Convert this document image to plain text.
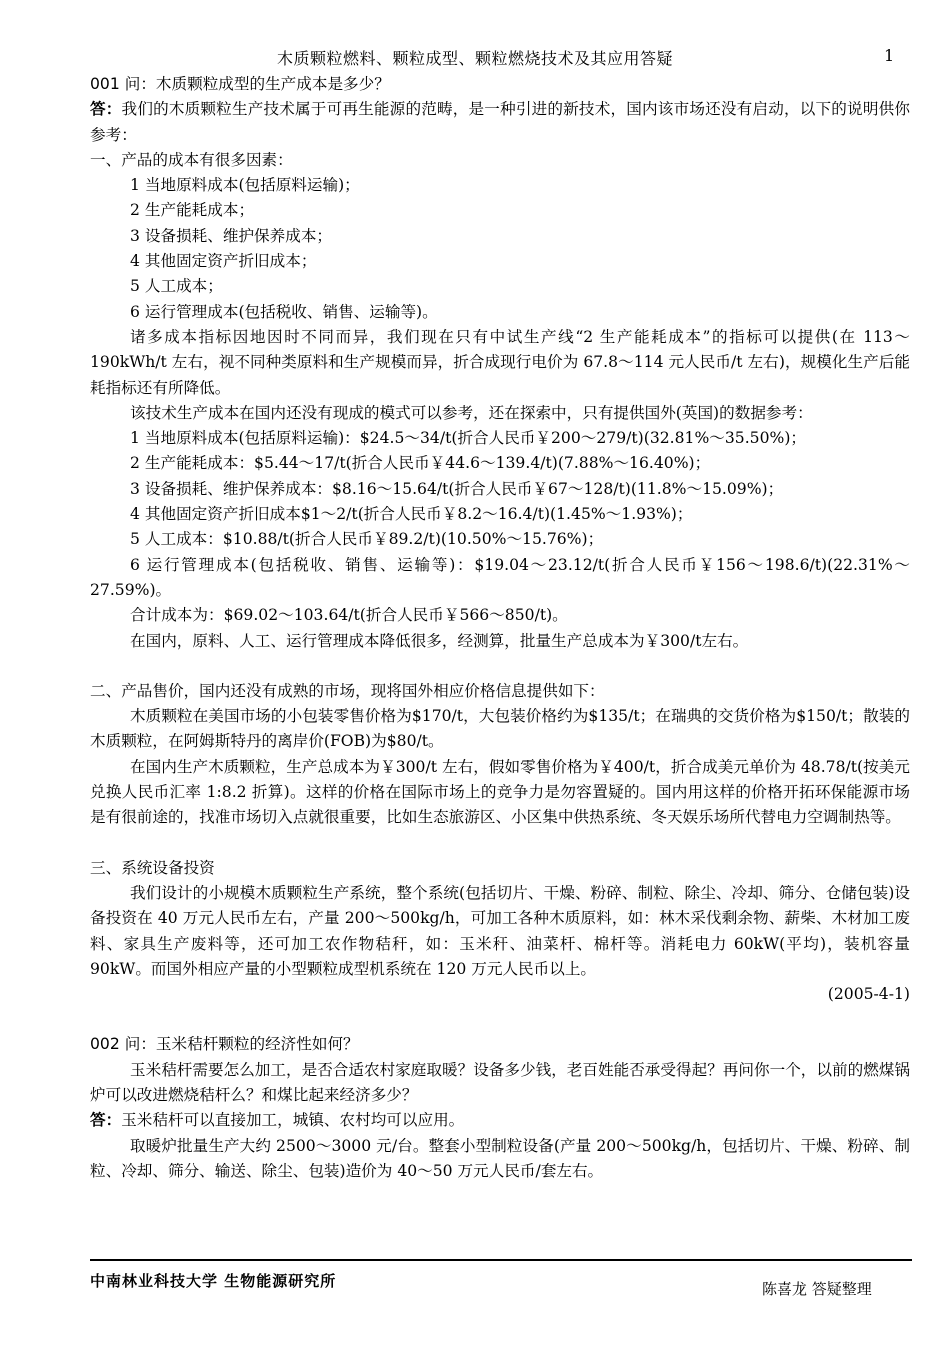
木质颗粒燃料、颗粒成型、颗粒燃烧技术及其应用答疑	1

001 问：木质颗粒成型的生产成本是多少？

答：我们的木质颗粒生产技术属于可再生能源的范畴，是一种引进的新技术，国内该市场还没有启动，以下的说明供你参考：

一、产品的成本有很多因素：

1 当地原料成本(包括原料运输)；

2 生产能耗成本；

3 设备损耗、维护保养成本；

4 其他固定资产折旧成本；

5 人工成本；

6 运行管理成本(包括税收、销售、运输等)。

诸多成本指标因地因时不同而异，我们现在只有中试生产线“2 生产能耗成本”的指标可以提供(在 113～190kWh/t 左右，视不同种类原料和生产规模而异，折合成现行电价为 67.8～114 元人民币/t 左右)，规模化生产后能耗指标还有所降低。

该技术生产成本在国内还没有现成的模式可以参考，还在探索中，只有提供国外(英国)的数据参考：

1 当地原料成本(包括原料运输)：$24.5～34/t(折合人民币￥200～279/t)(32.81%～35.50%)；

2 生产能耗成本：$5.44～17/t(折合人民币￥44.6～139.4/t)(7.88%～16.40%)；

3 设备损耗、维护保养成本：$8.16～15.64/t(折合人民币￥67～128/t)(11.8%～15.09%)；

4 其他固定资产折旧成本$1～2/t(折合人民币￥8.2～16.4/t)(1.45%～1.93%)；

5 人工成本：$10.88/t(折合人民币￥89.2/t)(10.50%～15.76%)；

6 运行管理成本(包括税收、销售、运输等)：$19.04～23.12/t(折合人民币￥156～198.6/t)(22.31%～27.59%)。

合计成本为：$69.02～103.64/t(折合人民币￥566～850/t)。

在国内，原料、人工、运行管理成本降低很多，经测算，批量生产总成本为￥300/t左右。

二、产品售价，国内还没有成熟的市场，现将国外相应价格信息提供如下：

木质颗粒在美国市场的小包装零售价格为$170/t，大包装价格约为$135/t；在瑞典的交货价格为$150/t；散装的木质颗粒，在阿姆斯特丹的离岸价(FOB)为$80/t。

在国内生产木质颗粒，生产总成本为￥300/t 左右，假如零售价格为￥400/t，折合成美元单价为 48.78/t(按美元兑换人民币汇率 1:8.2 折算)。这样的价格在国际市场上的竞争力是勿容置疑的。国内用这样的价格开拓环保能源市场是有很前途的，找准市场切入点就很重要，比如生态旅游区、小区集中供热系统、冬天娱乐场所代替电力空调制热等。

三、系统设备投资

我们设计的小规模木质颗粒生产系统，整个系统(包括切片、干燥、粉碎、制粒、除尘、冷却、筛分、仓储包装)设备投资在 40 万元人民币左右，产量 200～500kg/h，可加工各种木质原料，如：林木采伐剩余物、薪柴、木材加工废料、家具生产废料等，还可加工农作物秸秆，如：玉米秆、油菜杆、棉杆等。消耗电力 60kW(平均)，装机容量 90kW。而国外相应产量的小型颗粒成型机系统在 120 万元人民币以上。

(2005-4-1)

002 问：玉米秸杆颗粒的经济性如何？

玉米秸杆需要怎么加工，是否合适农村家庭取暖？设备多少钱，老百姓能否承受得起？再问你一个，以前的燃煤锅炉可以改进燃烧秸杆么？和煤比起来经济多少？

答：玉米秸杆可以直接加工，城镇、农村均可以应用。

取暖炉批量生产大约 2500～3000 元/台。整套小型制粒设备(产量 200～500kg/h，包括切片、干燥、粉碎、制粒、冷却、筛分、输送、除尘、包装)造价为 40～50 万元人民币/套左右。

中南林业科技大学 生物能源研究所	陈喜龙 答疑整理
